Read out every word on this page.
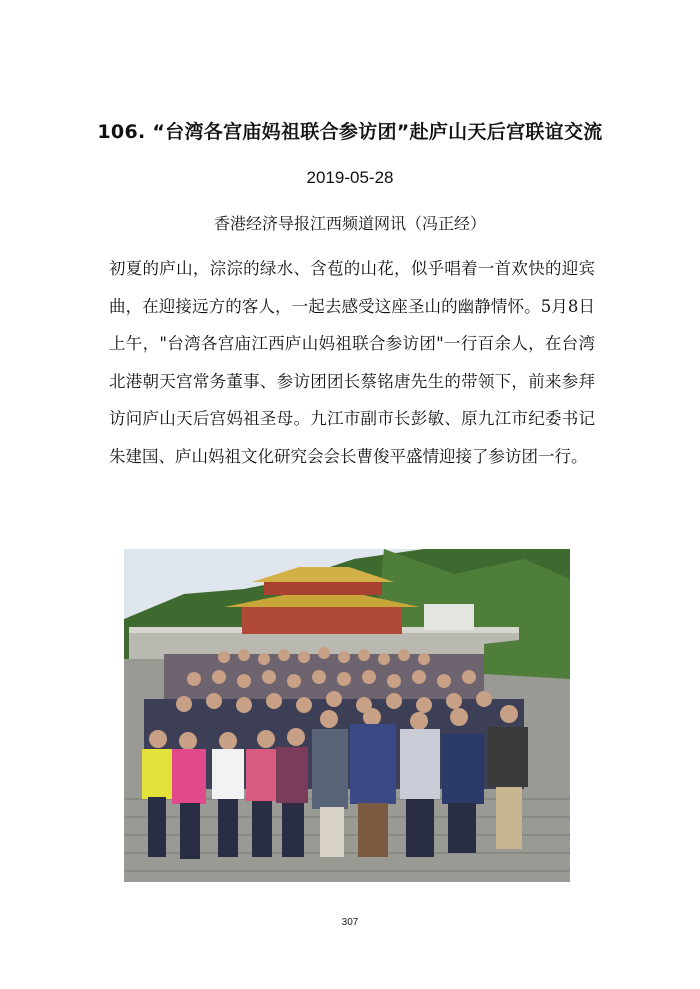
106. “台湾各宫庙妈祖联合参访团”赴庐山天后宫联谊交流
2019-05-28
香港经济导报江西频道网讯（冯正经）

初夏的庐山，淙淙的绿水、含苞的山花，似乎唱着一首欢快的迎宾曲，在迎接远方的客人，一起去感受这座圣山的幽静情怀。5月8日上午，"台湾各宫庙江西庐山妈祖联合参访团"一行百余人，在台湾北港朝天宫常务董事、参访团团长蔡铭唐先生的带领下，前来参拜访问庐山天后宫妈祖圣母。九江市副市长彭敏、原九江市纪委书记朱建国、庐山妈祖文化研究会会长曹俊平盛情迎接了参访团一行。

307
